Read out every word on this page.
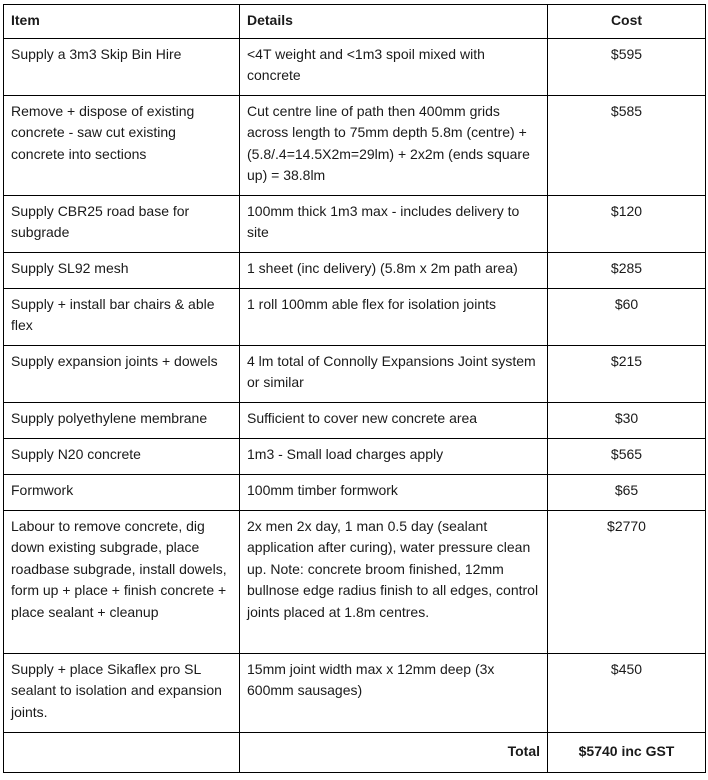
Item	Details	Cost
Supply a 3m3 Skip Bin Hire	<4T weight and <1m3 spoil mixed with concrete	$595
Remove + dispose of existing concrete - saw cut existing concrete into sections	Cut centre line of path then 400mm grids across length to 75mm depth 5.8m (centre) + (5.8/.4=14.5X2m=29lm) + 2x2m (ends square up) = 38.8lm	$585
Supply CBR25 road base for subgrade	100mm thick 1m3 max - includes delivery to site	$120
Supply SL92 mesh	1 sheet (inc delivery) (5.8m x 2m path area)	$285
Supply + install bar chairs & able flex	1 roll 100mm able flex for isolation joints	$60
Supply expansion joints + dowels	4 lm total of Connolly Expansions Joint system or similar	$215
Supply polyethylene membrane	Sufficient to cover new concrete area	$30
Supply N20 concrete	1m3 - Small load charges apply	$565
Formwork	100mm timber formwork	$65
Labour to remove concrete, dig down existing subgrade, place roadbase subgrade, install dowels, form up + place + finish concrete + place sealant + cleanup	2x men 2x day, 1 man 0.5 day (sealant application after curing), water pressure clean up. Note: concrete broom finished, 12mm bullnose edge radius finish to all edges, control joints placed at 1.8m centres.	$2770
Supply + place Sikaflex pro SL sealant to isolation and expansion joints.	15mm joint width max x 12mm deep (3x 600mm sausages)	$450
	Total	$5740 inc GST
